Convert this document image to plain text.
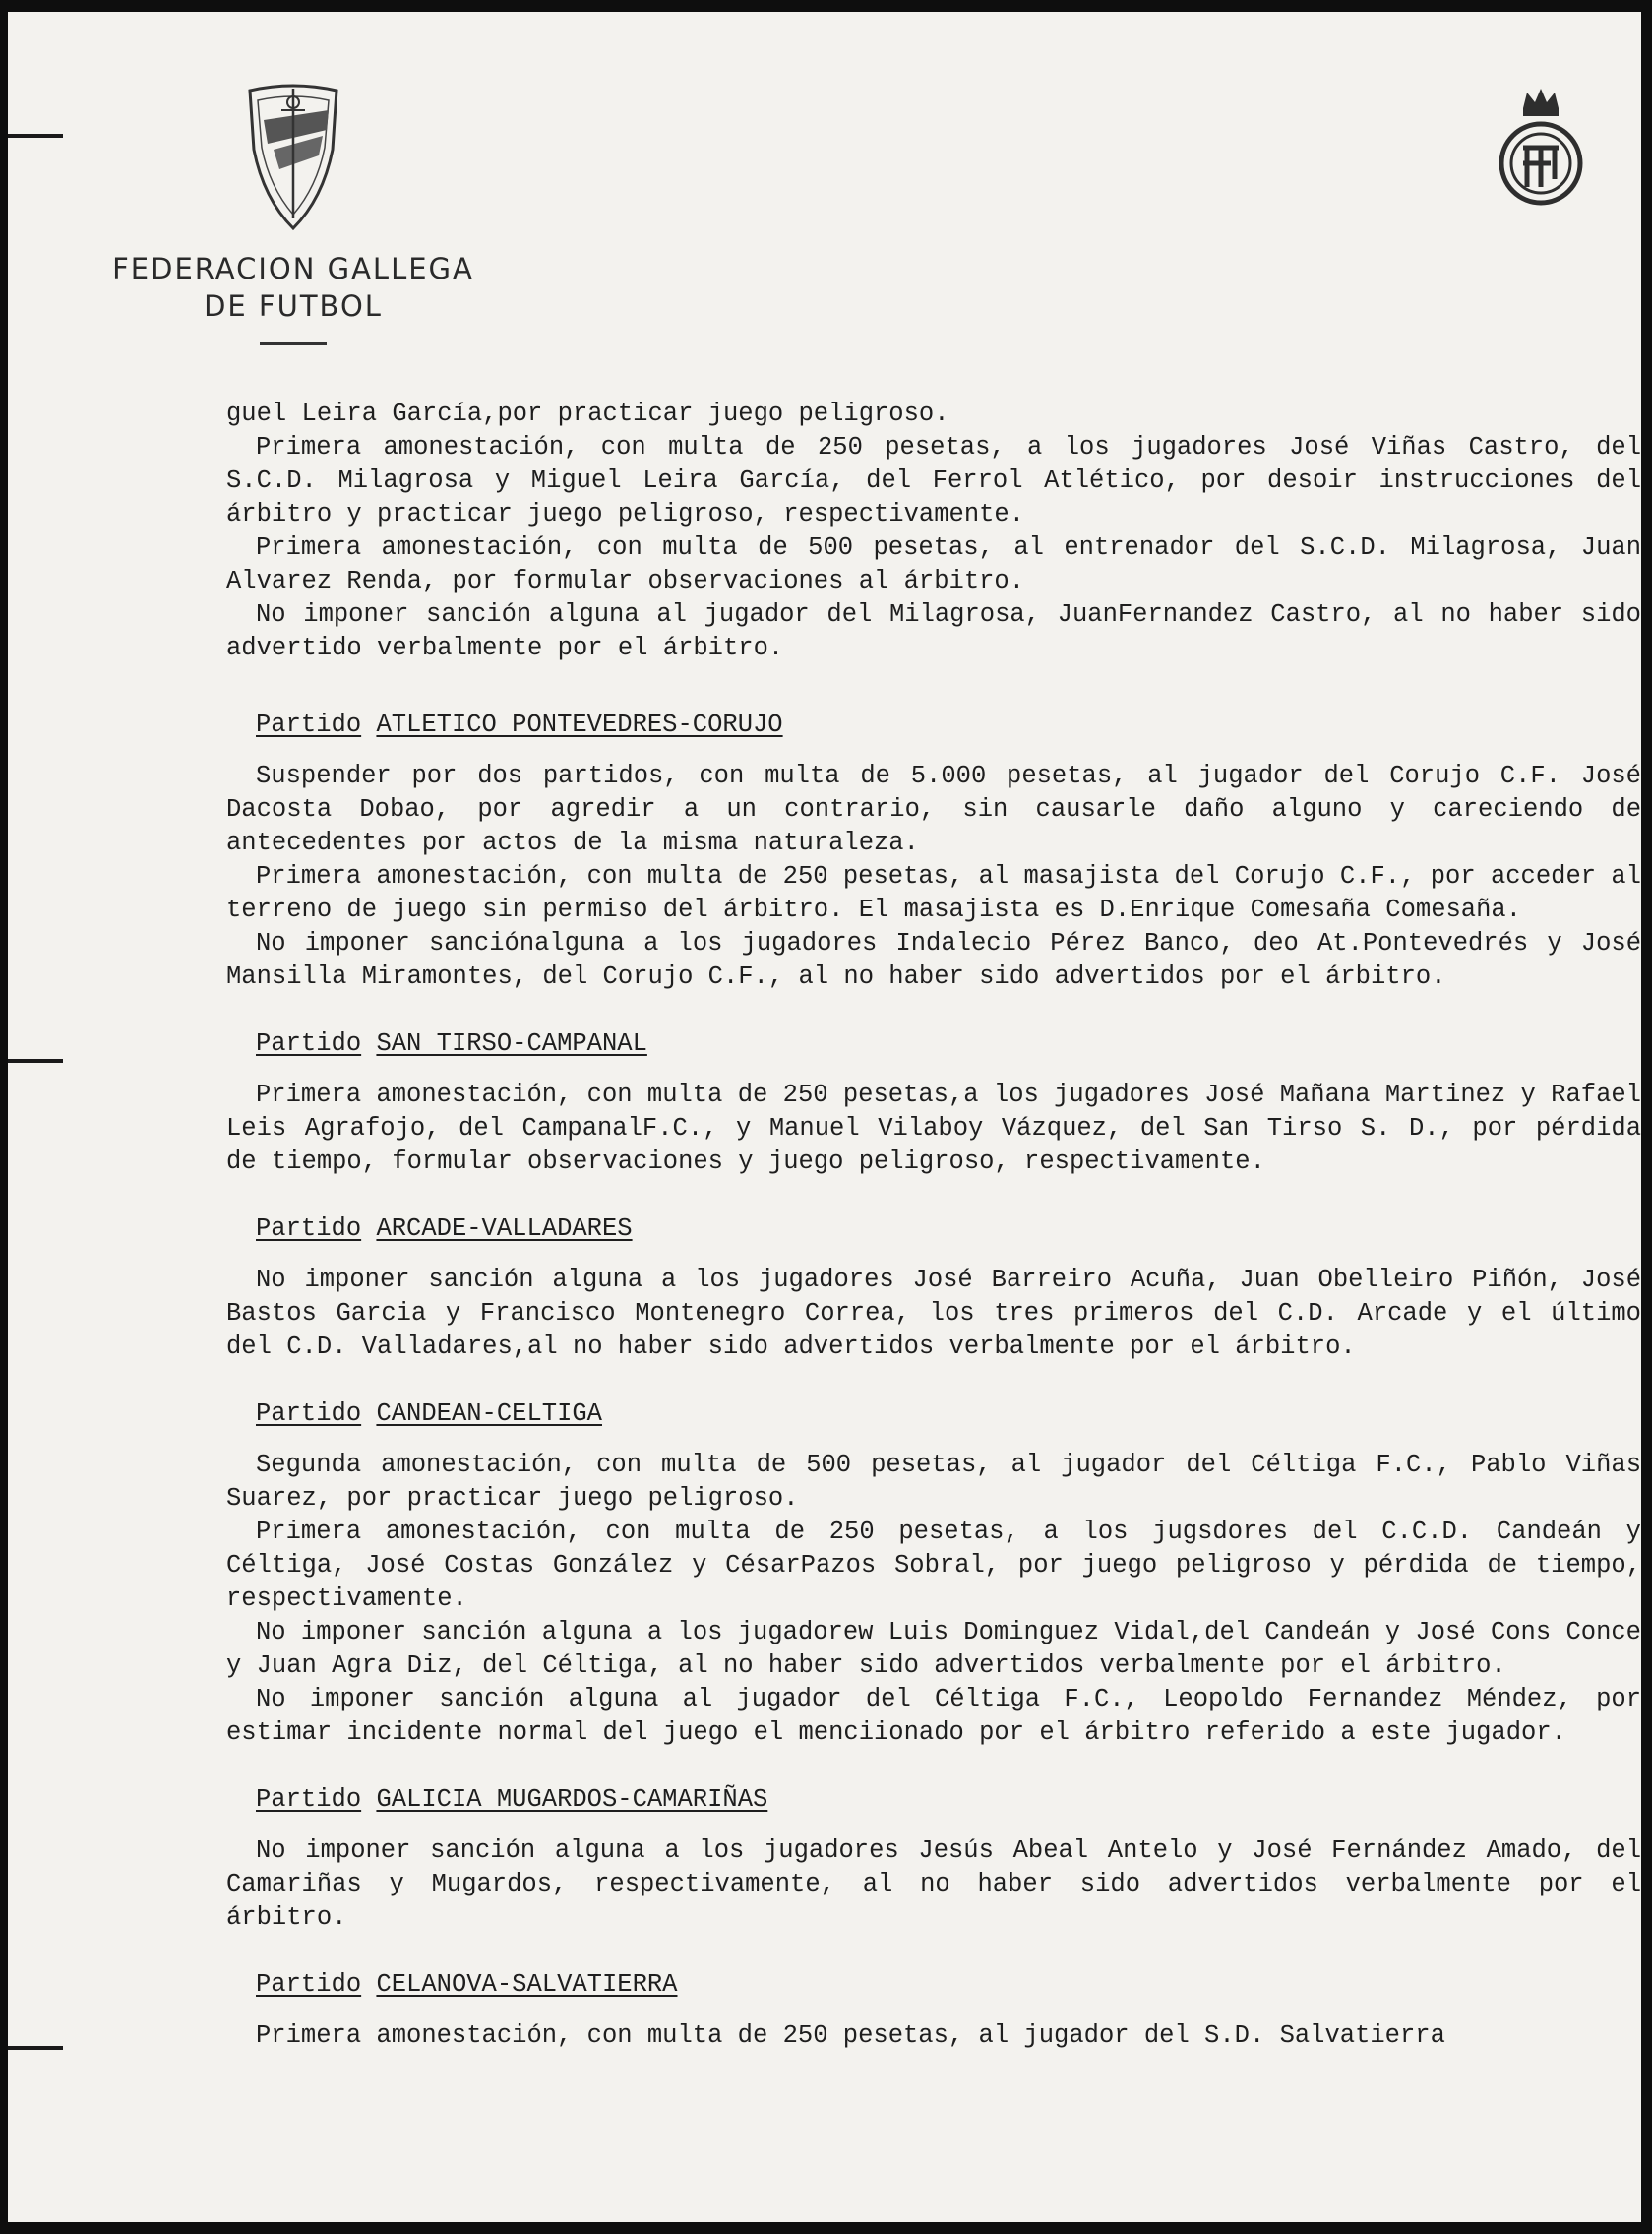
FEDERACION GALLEGA
DE FUTBOL

guel Leira García,por practicar juego peligroso.

Primera amonestación, con multa de 250 pesetas, a los jugadores José Viñas Castro, del S.C.D. Milagrosa y Miguel Leira García, del Ferrol Atlético, por desoir instrucciones del árbitro y practicar juego peligroso, respectivamente.

Primera amonestación, con multa de 500 pesetas, al entrenador del S.C.D. Milagrosa, Juan Alvarez Renda, por formular observaciones al árbitro.

No imponer sanción alguna al jugador del Milagrosa, JuanFernandez Castro, al no haber sido advertido verbalmente por el árbitro.

Partido ATLETICO PONTEVEDRES-CORUJO

Suspender por dos partidos, con multa de 5.000 pesetas, al jugador del Corujo C.F. José Dacosta Dobao, por agredir a un contrario, sin causarle daño alguno y careciendo de antecedentes por actos de la misma naturaleza.

Primera amonestación, con multa de 250 pesetas, al masajista del Corujo C.F., por acceder al terreno de juego sin permiso del árbitro. El masajista es D.Enrique Comesaña Comesaña.

No imponer sanciónalguna a los jugadores Indalecio Pérez Banco, deo At.Pontevedrés y José Mansilla Miramontes, del Corujo C.F., al no haber sido advertidos por el árbitro.

Partido SAN TIRSO-CAMPANAL

Primera amonestación, con multa de 250 pesetas,a los jugadores José Mañana Martinez y Rafael Leis Agrafojo, del CampanalF.C., y Manuel Vilaboy Vázquez, del San Tirso S. D., por pérdida de tiempo, formular observaciones y juego peligroso, respectivamente.

Partido ARCADE-VALLADARES

No imponer sanción alguna a los jugadores José Barreiro Acuña, Juan Obelleiro Piñón, José Bastos Garcia y Francisco Montenegro Correa, los tres primeros del C.D. Arcade y el último del C.D. Valladares,al no haber sido advertidos verbalmente por el árbitro.

Partido CANDEAN-CELTIGA

Segunda amonestación, con multa de 500 pesetas, al jugador del Céltiga F.C., Pablo Viñas Suarez, por practicar juego peligroso.

Primera amonestación, con multa de 250 pesetas, a los jugsdores del C.C.D. Candeán y Céltiga, José Costas González y CésarPazos Sobral, por juego peligroso y pérdida de tiempo, respectivamente.

No imponer sanción alguna a los jugadorew Luis Dominguez Vidal,del Candeán y José Cons Conce y Juan Agra Diz, del Céltiga, al no haber sido advertidos verbalmente por el árbitro.

No imponer sanción alguna al jugador del Céltiga F.C., Leopoldo Fernandez Méndez, por estimar incidente normal del juego el menciionado por el árbitro referido a este jugador.

Partido GALICIA MUGARDOS-CAMARIÑAS

No imponer sanción alguna a los jugadores Jesús Abeal Antelo y José Fernández Amado, del Camariñas y Mugardos, respectivamente, al no haber sido advertidos verbalmente por el árbitro.

Partido CELANOVA-SALVATIERRA

Primera amonestación, con multa de 250 pesetas, al jugador del S.D. Salvatierra
